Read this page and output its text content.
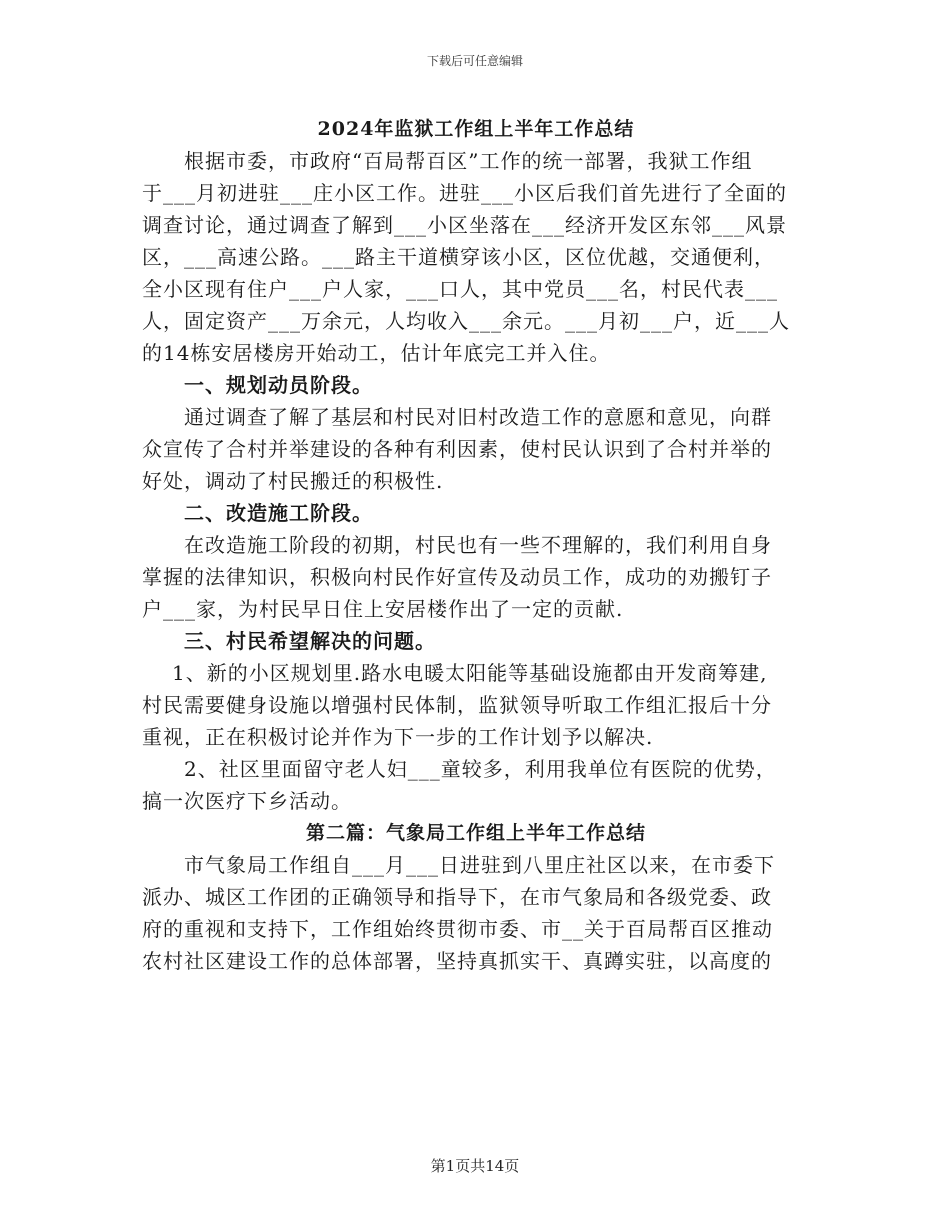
下载后可任意编辑
2024年监狱工作组上半年工作总结
根据市委，市政府“百局帮百区”工作的统一部署，我狱工作组
于___月初进驻___庄小区工作。进驻___小区后我们首先进行了全面的
调查讨论，通过调查了解到___小区坐落在___经济开发区东邻___风景
区，___高速公路。___路主干道横穿该小区，区位优越，交通便利，
全小区现有住户___户人家，___口人，其中党员___名，村民代表___
人，固定资产___万余元，人均收入___余元。___月初___户，近___人
的14栋安居楼房开始动工，估计年底完工并入住。
一、规划动员阶段。
通过调查了解了基层和村民对旧村改造工作的意愿和意见，向群
众宣传了合村并举建设的各种有利因素，使村民认识到了合村并举的
好处，调动了村民搬迁的积极性.
二、改造施工阶段。
在改造施工阶段的初期，村民也有一些不理解的，我们利用自身
掌握的法律知识，积极向村民作好宣传及动员工作，成功的劝搬钉子
户___家，为村民早日住上安居楼作出了一定的贡献.
三、村民希望解决的问题。
1、新的小区规划里.路水电暖太阳能等基础设施都由开发商筹建,
村民需要健身设施以增强村民体制，监狱领导听取工作组汇报后十分
重视，正在积极讨论并作为下一步的工作计划予以解决.
2、社区里面留守老人妇___童较多，利用我单位有医院的优势，
搞一次医疗下乡活动。
第二篇：气象局工作组上半年工作总结
市气象局工作组自___月___日进驻到八里庄社区以来，在市委下
派办、城区工作团的正确领导和指导下，在市气象局和各级党委、政
府的重视和支持下，工作组始终贯彻市委、市__关于百局帮百区推动
农村社区建设工作的总体部署，坚持真抓实干、真蹲实驻，以高度的
第1页共14页
